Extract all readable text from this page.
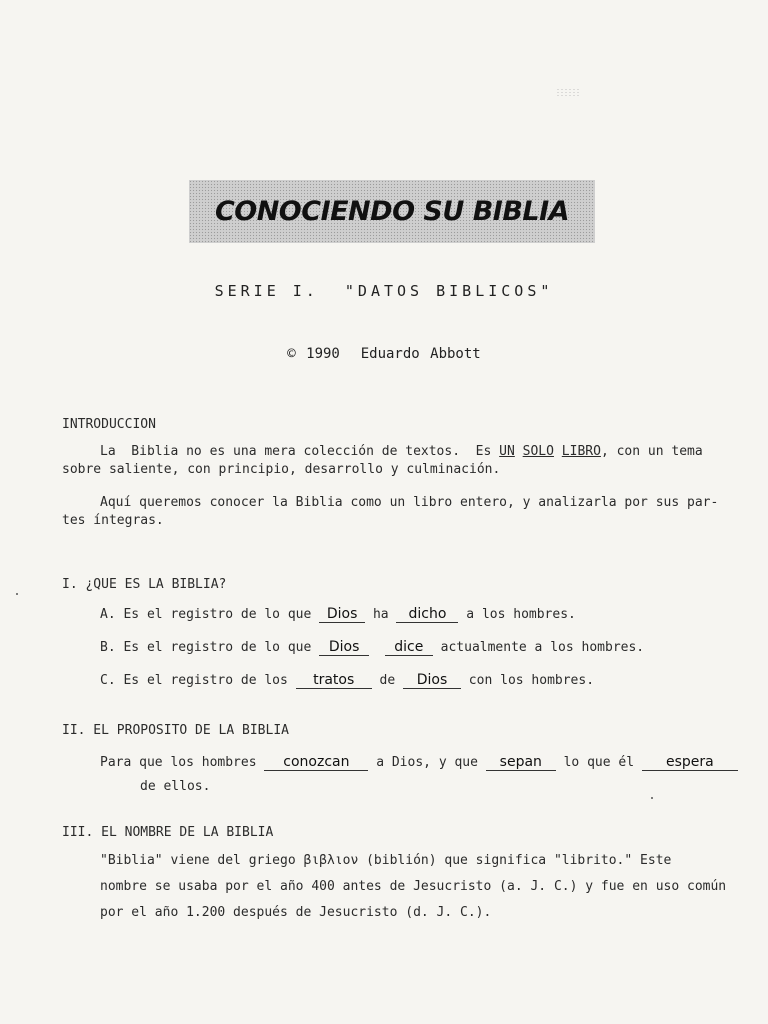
CONOCIENDO SU BIBLIA
SERIE I.  "DATOS BIBLICOS"
© 1990  Eduardo Abbott
INTRODUCCION
La  Biblia no es una mera colección de textos.  Es UN SOLO LIBRO, con un tema
sobre saliente, con principio, desarrollo y culminación.
Aquí queremos conocer la Biblia como un libro entero, y analizarla por sus par-
tes íntegras.
I. ¿QUE ES LA BIBLIA?
A. Es el registro de lo que Dios ha dicho a los hombres.
B. Es el registro de lo que Dios dice actualmente a los hombres.
C. Es el registro de los tratos de Dios con los hombres.
II. EL PROPOSITO DE LA BIBLIA
Para que los hombres conozcan a Dios, y que sepan lo que él espera
de ellos.
III. EL NOMBRE DE LA BIBLIA
"Biblia" viene del griego βιβλιον (biblión) que significa "librito." Este
nombre se usaba por el año 400 antes de Jesucristo (a. J. C.) y fue en uso común
por el año 1.200 después de Jesucristo (d. J. C.).
